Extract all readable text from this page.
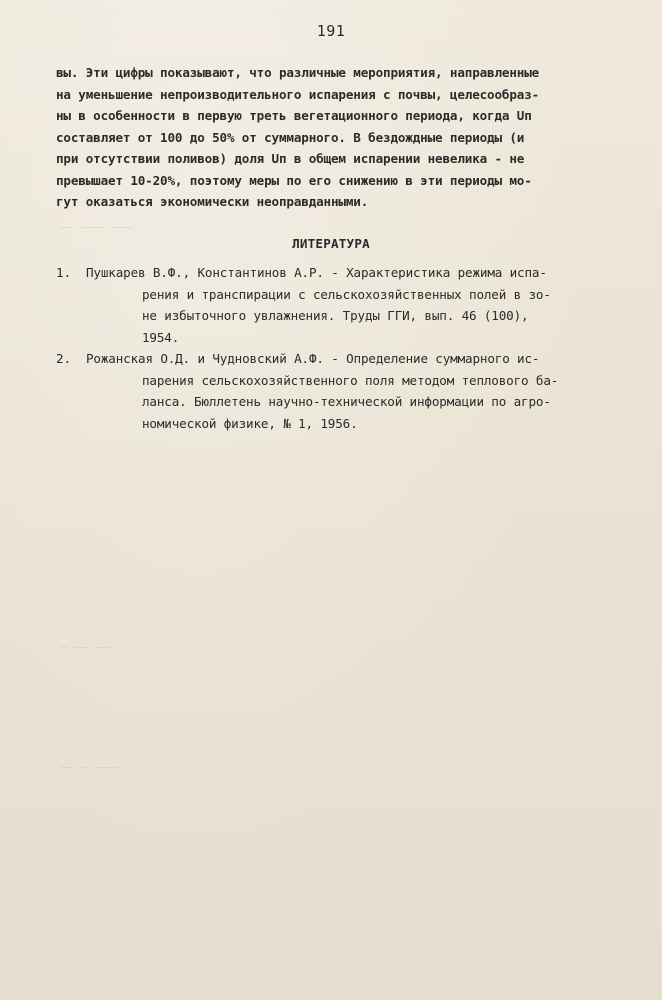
—— ——— ———
— —— ——
—— — ———
191
вы. Эти цифры показывают, что различные мероприятия, направленные
на уменьшение непроизводительного испарения с почвы, целесообраз-
ны в особенности в первую треть вегетационного периода, когда Uп
составляет от 100 до 50% от суммарного. В бездождные периоды (и
при отсутствии поливов) доля Uп в общем испарении невелика - не
превышает 10-20%, поэтому меры по его снижению в эти периоды мо-
гут оказаться экономически неоправданными.
ЛИТЕРАТУРА
1.	Пушкарев В.Ф., Константинов А.Р. - Характеристика режима испа-
рения и транспирации с сельскохозяйственных полей в зо-
не избыточного увлажнения. Труды ГГИ, вып. 46 (100),
1954.
2.	Рожанская О.Д. и Чудновский А.Ф. - Определение суммарного ис-
парения сельскохозяйственного поля методом теплового ба-
ланса. Бюллетень научно-технической информации по агро-
номической физике, № 1, 1956.
